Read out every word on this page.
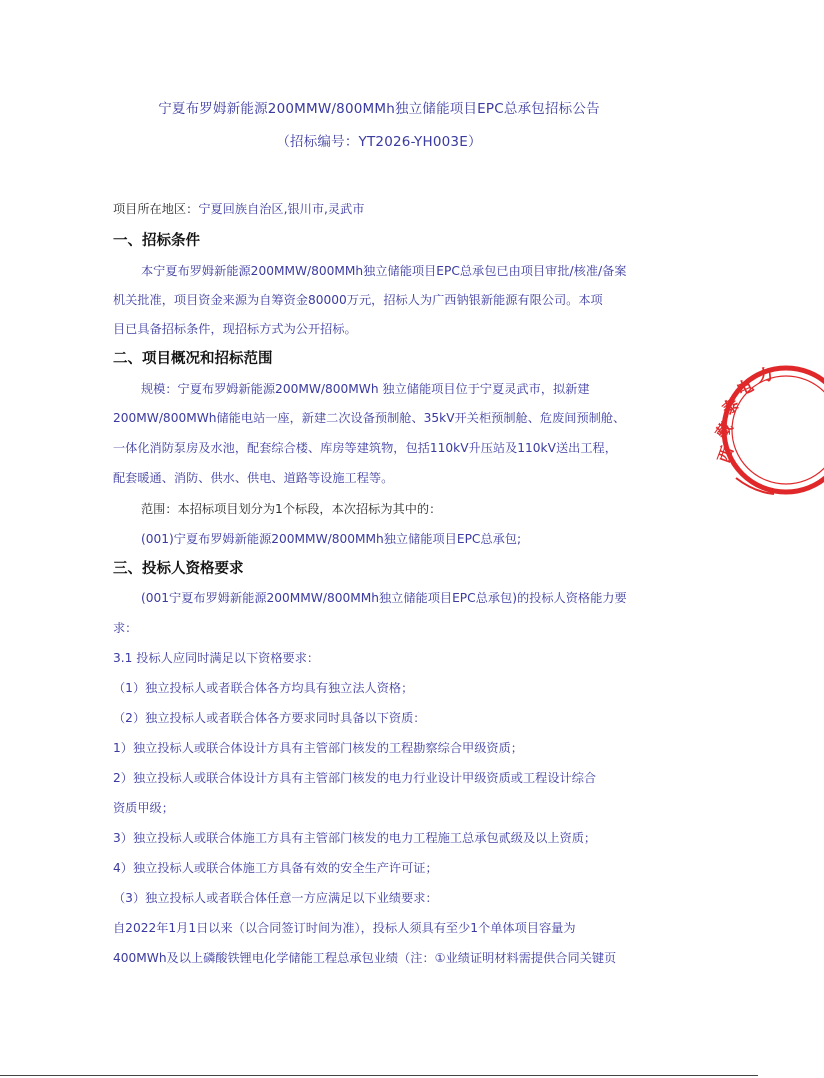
宁夏布罗姆新能源200MMW/800MMh独立储能项目EPC总承包招标公告
（招标编号：YT2026-YH003E）
项目所在地区：宁夏回族自治区,银川市,灵武市
一、招标条件
本宁夏布罗姆新能源200MMW/800MMh独立储能项目EPC总承包已由项目审批/核准/备案
机关批准，项目资金来源为自筹资金80000万元，招标人为广西钠银新能源有限公司。本项
目已具备招标条件，现招标方式为公开招标。
二、项目概况和招标范围
规模：宁夏布罗姆新能源200MW/800MWh 独立储能项目位于宁夏灵武市，拟新建
200MW/800MWh储能电站一座，新建二次设备预制舱、35kV开关柜预制舱、危废间预制舱、
一体化消防泵房及水池，配套综合楼、库房等建筑物，包括110kV升压站及110kV送出工程，
配套暖通、消防、供水、供电、道路等设施工程等。
范围：本招标项目划分为1个标段，本次招标为其中的：
(001)宁夏布罗姆新能源200MMW/800MMh独立储能项目EPC总承包;
三、投标人资格要求
(001宁夏布罗姆新能源200MMW/800MMh独立储能项目EPC总承包)的投标人资格能力要
求：
3.1 投标人应同时满足以下资格要求：
（1）独立投标人或者联合体各方均具有独立法人资格；
（2）独立投标人或者联合体各方要求同时具备以下资质：
1）独立投标人或联合体设计方具有主管部门核发的工程勘察综合甲级资质；
2）独立投标人或联合体设计方具有主管部门核发的电力行业设计甲级资质或工程设计综合
资质甲级；
3）独立投标人或联合体施工方具有主管部门核发的电力工程施工总承包贰级及以上资质；
4）独立投标人或联合体施工方具备有效的安全生产许可证；
（3）独立投标人或者联合体任意一方应满足以下业绩要求：
自2022年1月1日以来（以合同签订时间为准），投标人须具有至少1个单体项目容量为
400MWh及以上磷酸铁锂电化学储能工程总承包业绩（注：①业绩证明材料需提供合同关键页
西
藏
泰
电
力
